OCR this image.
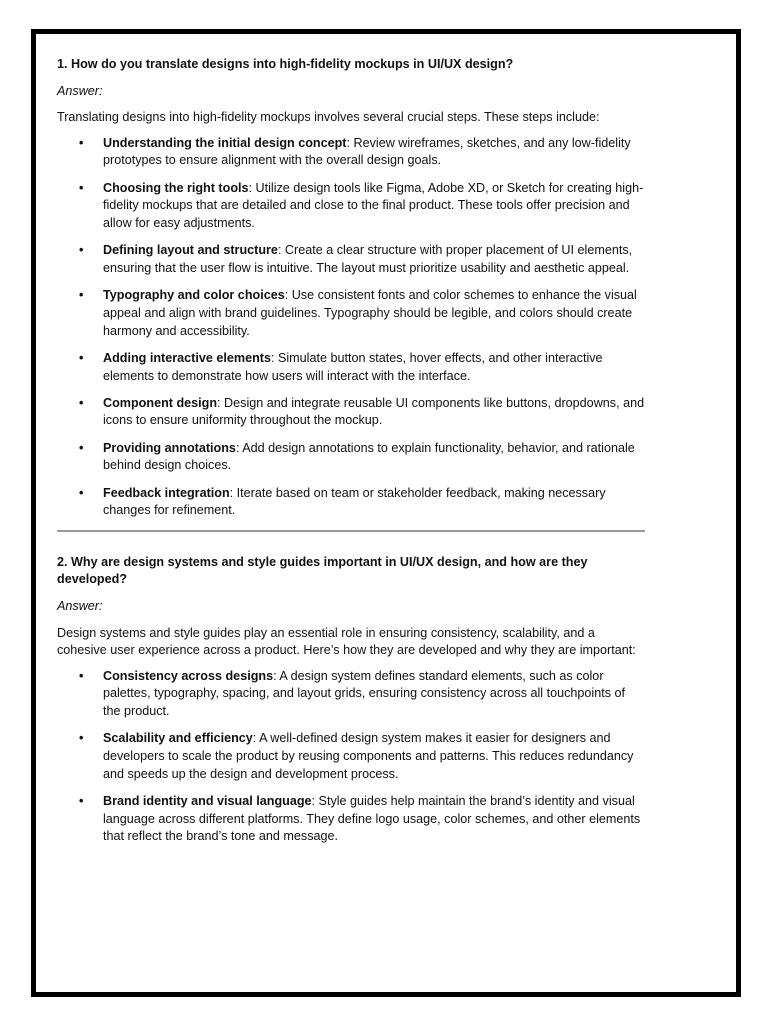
1. How do you translate designs into high-fidelity mockups in UI/UX design?

Answer:

Translating designs into high-fidelity mockups involves several crucial steps. These steps include:

• Understanding the initial design concept: Review wireframes, sketches, and any low-fidelity prototypes to ensure alignment with the overall design goals.
• Choosing the right tools: Utilize design tools like Figma, Adobe XD, or Sketch for creating high-fidelity mockups that are detailed and close to the final product. These tools offer precision and allow for easy adjustments.
• Defining layout and structure: Create a clear structure with proper placement of UI elements, ensuring that the user flow is intuitive. The layout must prioritize usability and aesthetic appeal.
• Typography and color choices: Use consistent fonts and color schemes to enhance the visual appeal and align with brand guidelines. Typography should be legible, and colors should create harmony and accessibility.
• Adding interactive elements: Simulate button states, hover effects, and other interactive elements to demonstrate how users will interact with the interface.
• Component design: Design and integrate reusable UI components like buttons, dropdowns, and icons to ensure uniformity throughout the mockup.
• Providing annotations: Add design annotations to explain functionality, behavior, and rationale behind design choices.
• Feedback integration: Iterate based on team or stakeholder feedback, making necessary changes for refinement.

2. Why are design systems and style guides important in UI/UX design, and how are they developed?

Answer:

Design systems and style guides play an essential role in ensuring consistency, scalability, and a cohesive user experience across a product. Here’s how they are developed and why they are important:

• Consistency across designs: A design system defines standard elements, such as color palettes, typography, spacing, and layout grids, ensuring consistency across all touchpoints of the product.
• Scalability and efficiency: A well-defined design system makes it easier for designers and developers to scale the product by reusing components and patterns. This reduces redundancy and speeds up the design and development process.
• Brand identity and visual language: Style guides help maintain the brand’s identity and visual language across different platforms. They define logo usage, color schemes, and other elements that reflect the brand’s tone and message.
